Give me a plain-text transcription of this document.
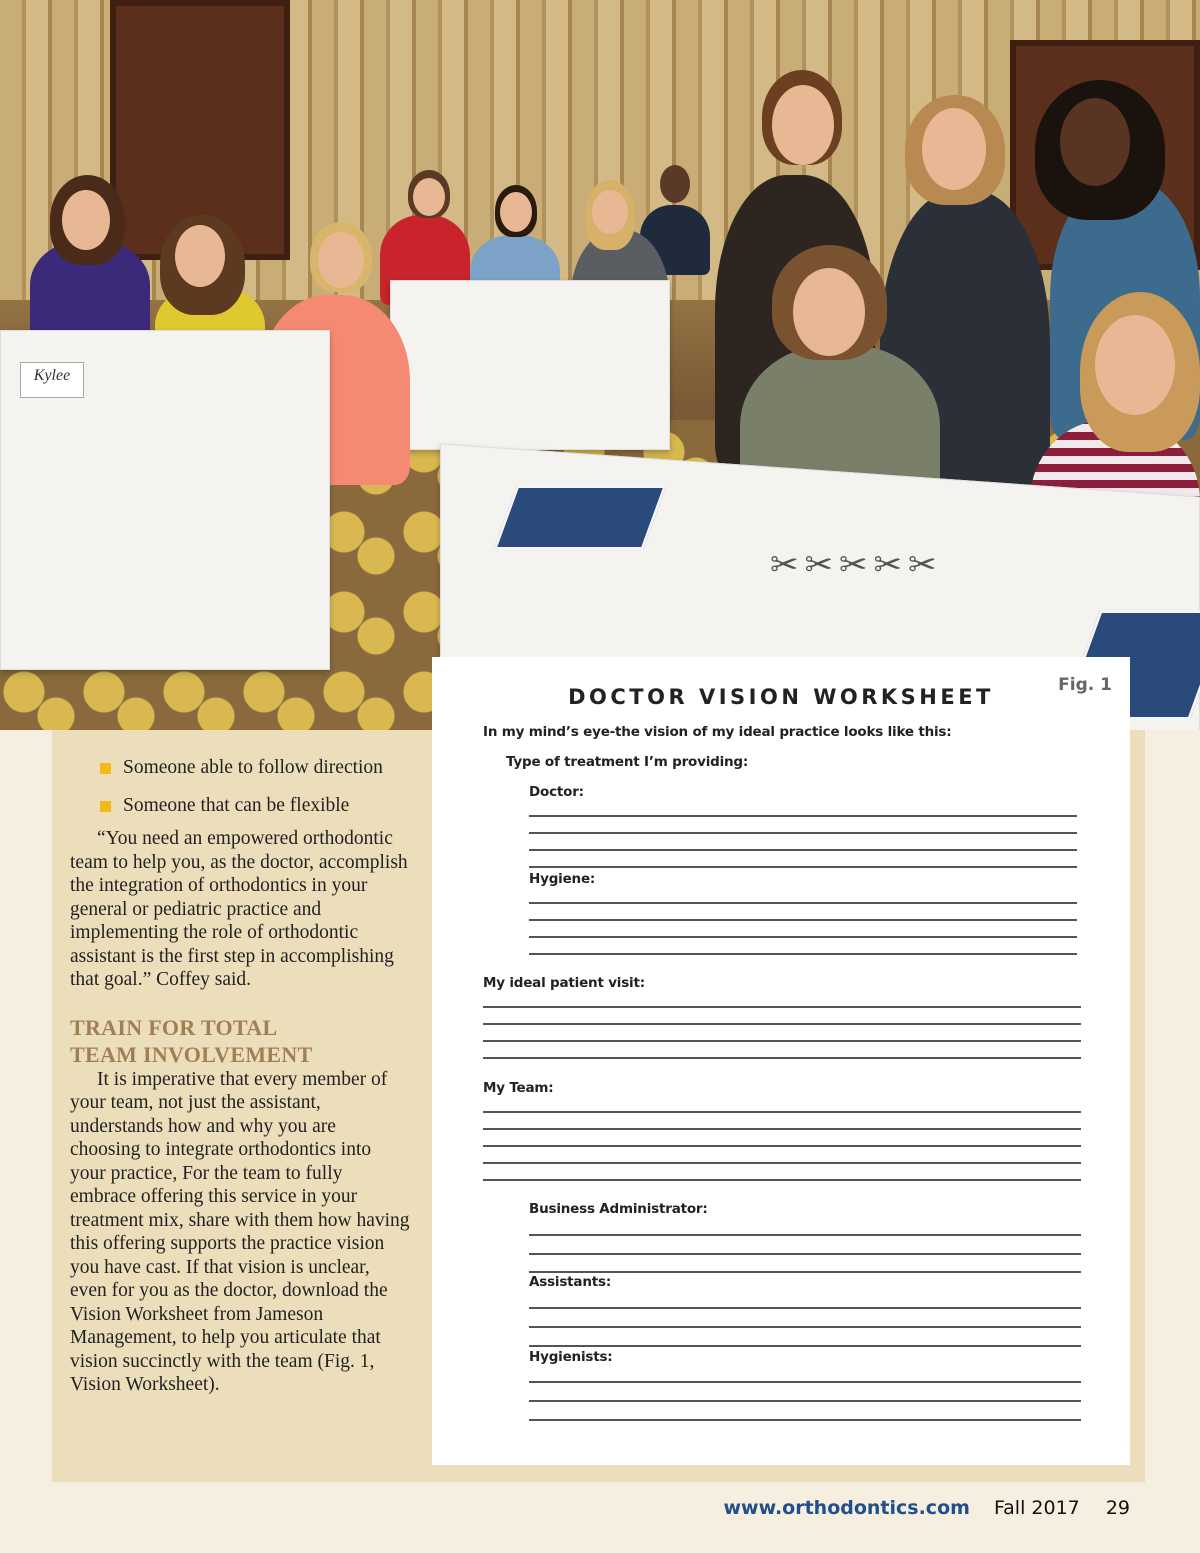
Kylee
✂✂✂✂✂
Someone able to follow direction
Someone that can be flexible

“You need an empowered orthodontic team to help you, as the doctor, accomplish the integration of orthodontics in your general or pediatric practice and implementing the role of orthodontic assistant is the first step in accomplishing that goal.” Coffey said.

TRAIN FOR TOTAL
TEAM INVOLVEMENT

It is imperative that every member of your team, not just the assistant, understands how and why you are choosing to integrate orthodontics into your practice, For the team to fully embrace offering this service in your treatment mix, share with them how having this offering supports the practice vision you have cast. If that vision is unclear, even for you as the doctor, download the Vision Worksheet from Jameson Management, to help you articulate that vision succinctly with the team (Fig. 1, Vision Worksheet).

Fig. 1
DOCTOR VISION WORKSHEET
In my mind’s eye-the vision of my ideal practice looks like this:
Type of treatment I’m providing:
Doctor:
Hygiene:
My ideal patient visit:
My Team:
Business Administrator:
Assistants:
Hygienists:
www.orthodontics.com Fall 2017 29
